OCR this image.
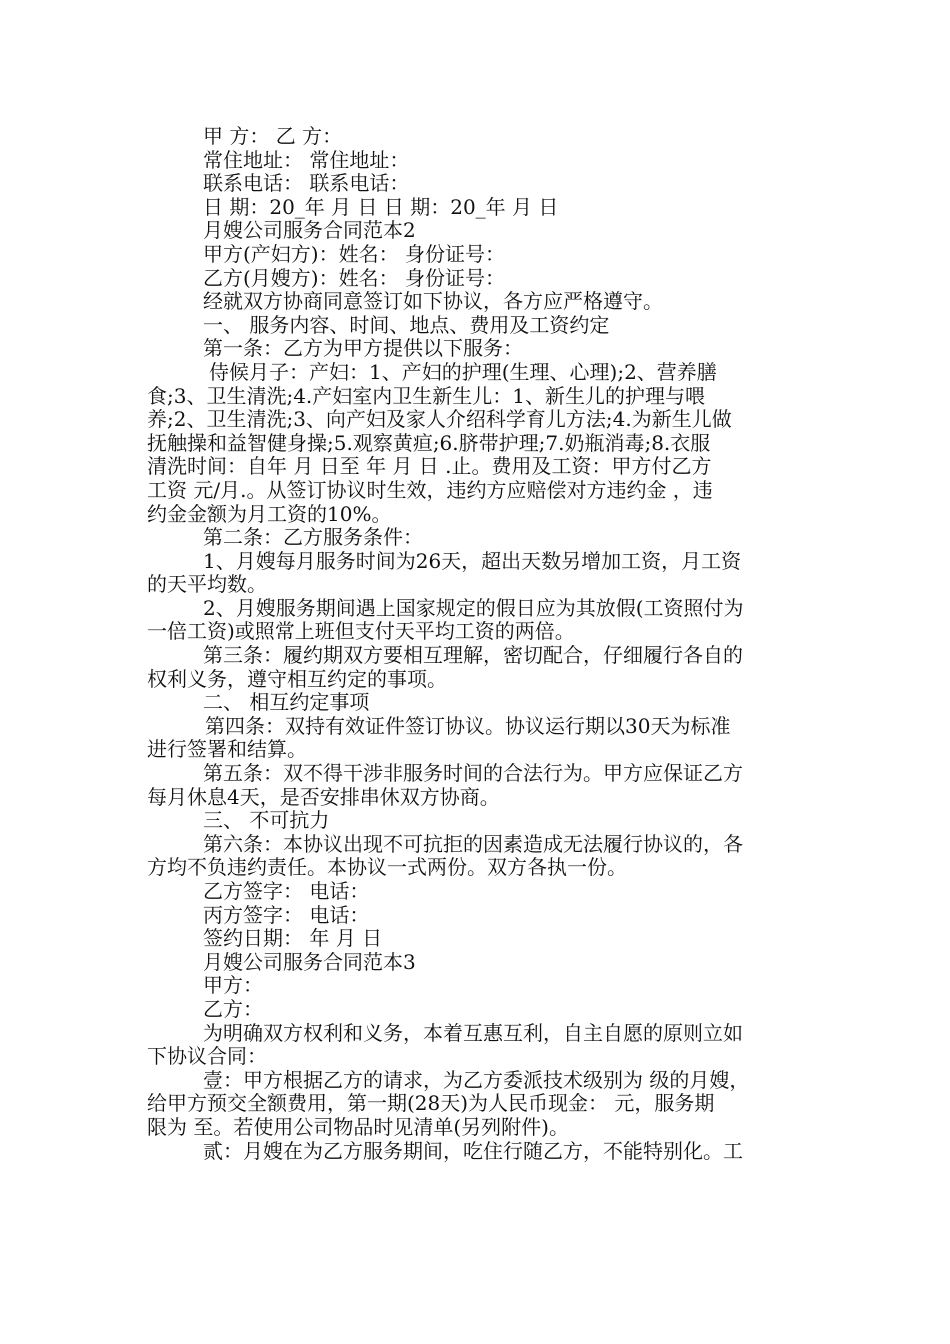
甲 方： 乙 方：
常住地址： 常住地址：
联系电话： 联系电话：
日 期：20_年 月 日 日 期：20_年 月 日
月嫂公司服务合同范本2
甲方(产妇方)：姓名： 身份证号：
乙方(月嫂方)：姓名： 身份证号：
经就双方协商同意签订如下协议，各方应严格遵守。
一、 服务内容、时间、地点、费用及工资约定
第一条：乙方为甲方提供以下服务：
侍候月子：产妇：1、产妇的护理(生理、心理);2、营养膳
食;3、卫生清洗;4.产妇室内卫生新生儿：1、新生儿的护理与喂
养;2、卫生清洗;3、向产妇及家人介绍科学育儿方法;4.为新生儿做
抚触操和益智健身操;5.观察黄疸;6.脐带护理;7.奶瓶消毒;8.衣服
清洗时间：自年 月 日至 年 月 日 .止。费用及工资：甲方付乙方
工资 元/月.。从签订协议时生效，违约方应赔偿对方违约金 ，违
约金金额为月工资的10%。
第二条：乙方服务条件：
1、月嫂每月服务时间为26天，超出天数另增加工资，月工资
的天平均数。
2、月嫂服务期间遇上国家规定的假日应为其放假(工资照付为
一倍工资)或照常上班但支付天平均工资的两倍。
第三条：履约期双方要相互理解，密切配合，仔细履行各自的
权利义务，遵守相互约定的事项。
二、 相互约定事项
第四条：双持有效证件签订协议。协议运行期以30天为标准
进行签署和结算。
第五条：双不得干涉非服务时间的合法行为。甲方应保证乙方
每月休息4天，是否安排串休双方协商。
三、 不可抗力
第六条：本协议出现不可抗拒的因素造成无法履行协议的，各
方均不负违约责任。本协议一式两份。双方各执一份。
乙方签字： 电话：
丙方签字： 电话：
签约日期： 年 月 日
月嫂公司服务合同范本3
甲方：
乙方：
为明确双方权利和义务，本着互惠互利，自主自愿的原则立如
下协议合同：
壹：甲方根据乙方的请求，为乙方委派技术级别为 级的月嫂，
给甲方预交全额费用，第一期(28天)为人民币现金： 元，服务期
限为 至。若使用公司物品时见清单(另列附件)。
贰：月嫂在为乙方服务期间，吃住行随乙方，不能特别化。工
